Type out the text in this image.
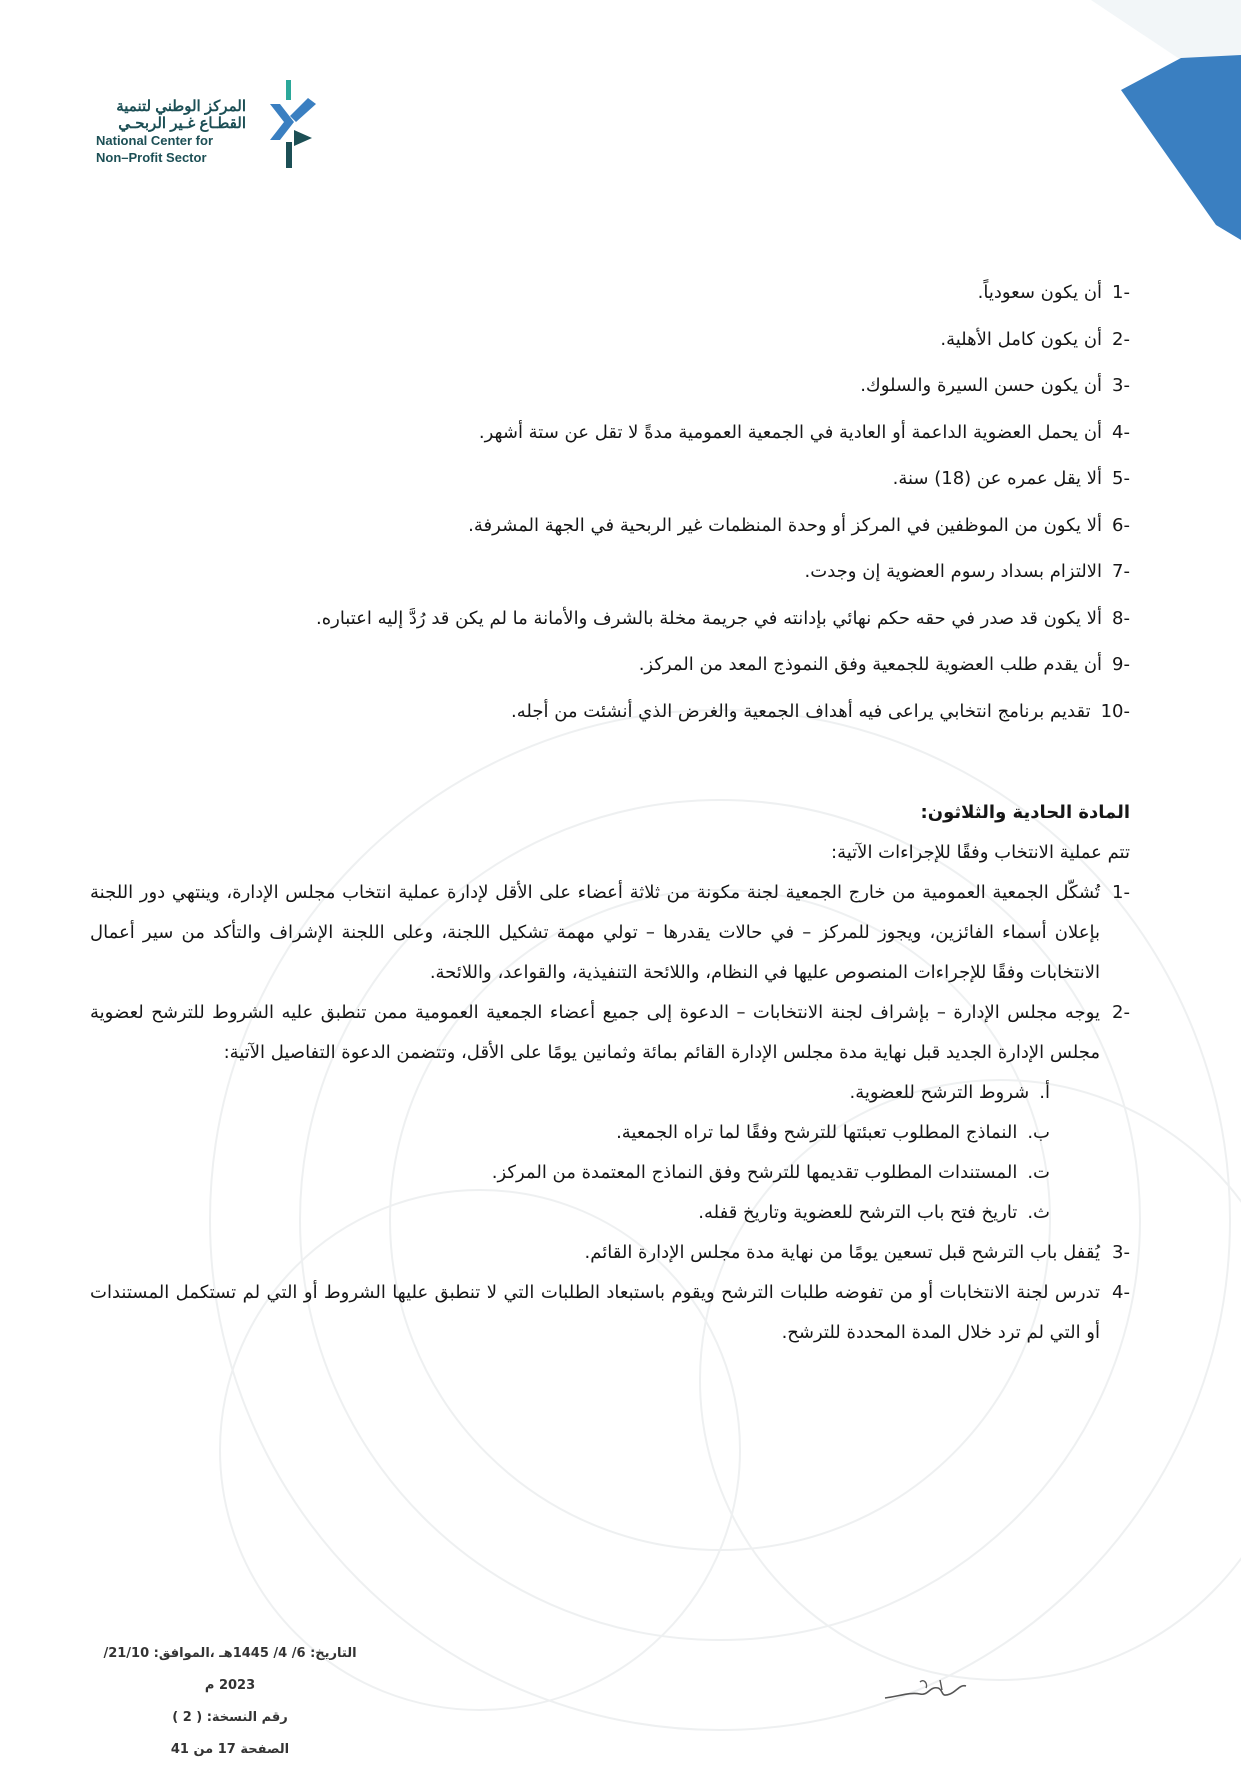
المركز الوطني لتنمية
القطـاع غـير الربحـي
National Center for
Non–Profit Sector
-1أن يكون سعودياً.
-2أن يكون كامل الأهلية.
-3أن يكون حسن السيرة والسلوك.
-4أن يحمل العضوية الداعمة أو العادية في الجمعية العمومية مدةً لا تقل عن ستة أشهر.
-5ألا يقل عمره عن (18) سنة.
-6ألا يكون من الموظفين في المركز أو وحدة المنظمات غير الربحية في الجهة المشرفة.
-7الالتزام بسداد رسوم العضوية إن وجدت.
-8ألا يكون قد صدر في حقه حكم نهائي بإدانته في جريمة مخلة بالشرف والأمانة ما لم يكن قد رُدَّ إليه اعتباره.
-9أن يقدم طلب العضوية للجمعية وفق النموذج المعد من المركز.
-10تقديم برنامج انتخابي يراعى فيه أهداف الجمعية والغرض الذي أنشئت من أجله.
المادة الحادية والثلاثون:
تتم عملية الانتخاب وفقًا للإجراءات الآتية:
-1
تُشكّل الجمعية العمومية من خارج الجمعية لجنة مكونة من ثلاثة أعضاء على الأقل لإدارة عملية انتخاب مجلس الإدارة، وينتهي دور اللجنة بإعلان أسماء الفائزين، ويجوز للمركز – في حالات يقدرها – تولي مهمة تشكيل اللجنة، وعلى اللجنة الإشراف والتأكد من سير أعمال الانتخابات وفقًا للإجراءات المنصوص عليها في النظام، واللائحة التنفيذية، والقواعد، واللائحة.
-2
يوجه مجلس الإدارة – بإشراف لجنة الانتخابات – الدعوة إلى جميع أعضاء الجمعية العمومية ممن تنطبق عليه الشروط للترشح لعضوية مجلس الإدارة الجديد قبل نهاية مدة مجلس الإدارة القائم بمائة وثمانين يومًا على الأقل، وتتضمن الدعوة التفاصيل الآتية:
أ.شروط الترشح للعضوية.
ب.النماذج المطلوب تعبئتها للترشح وفقًا لما تراه الجمعية.
ت.المستندات المطلوب تقديمها للترشح وفق النماذج المعتمدة من المركز.
ث.تاريخ فتح باب الترشح للعضوية وتاريخ قفله.
-3
يُقفل باب الترشح قبل تسعين يومًا من نهاية مدة مجلس الإدارة القائم.
-4
تدرس لجنة الانتخابات أو من تفوضه طلبات الترشح ويقوم باستبعاد الطلبات التي لا تنطبق عليها الشروط أو التي لم تستكمل المستندات أو التي لم ترد خلال المدة المحددة للترشح.
التاريخ: 6/ 4/ 1445هـ ،الموافق: 21/10/ 2023 م
رقم النسخة: ( 2 )
الصفحة 17 من 41
